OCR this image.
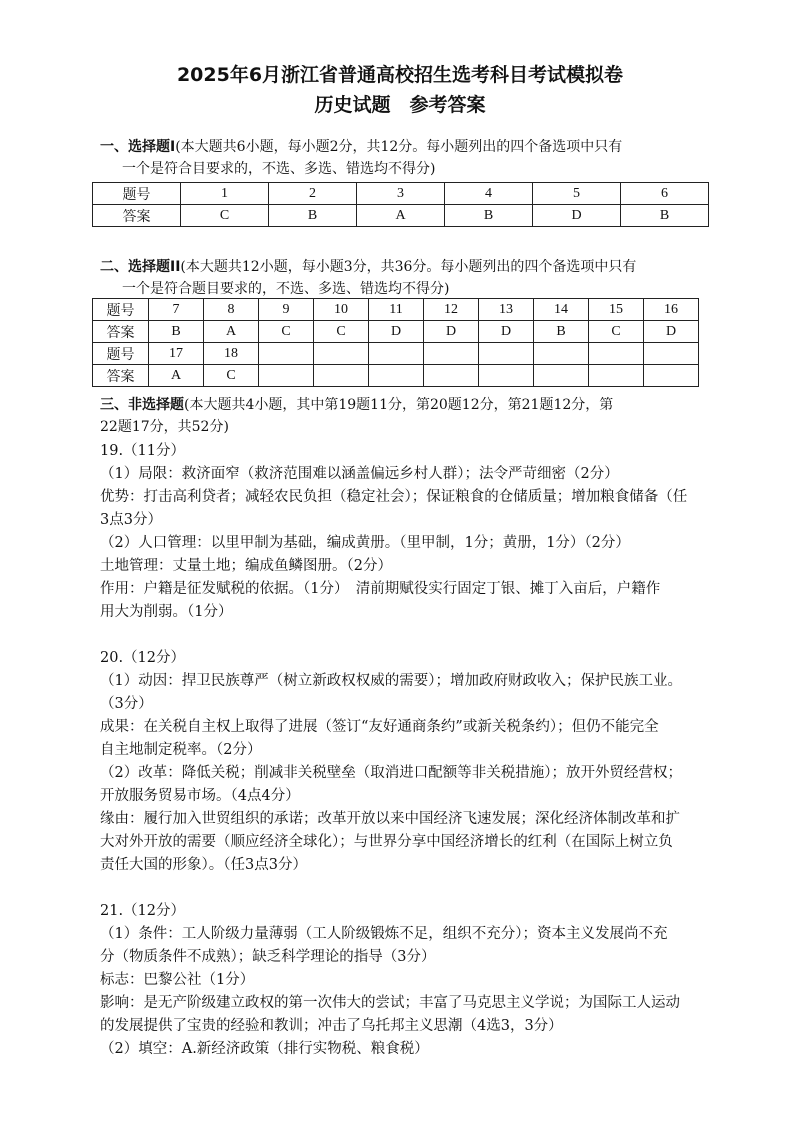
2025年6月浙江省普通高校招生选考科目考试模拟卷
历史试题　参考答案
一、选择题Ⅰ(本大题共6小题，每小题2分，共12分。每小题列出的四个备选项中只有
一个是符合目要求的，不选、多选、错选均不得分)
题号	1	2	3	4	5	6
答案	C	B	A	B	D	B
二、选择题II(本大题共12小题，每小题3分，共36分。每小题列出的四个备选项中只有
一个是符合题目要求的，不选、多选、错选均不得分)
题号	7	8	9	10	11	12	13	14	15	16
答案	B	A	C	C	D	D	D	B	C	D
题号	17	18								
答案	A	C								
三、非选择题(本大题共4小题，其中第19题11分，第20题12分，第21题12分，第
22题17分，共52分)

19.（11分）

（1）局限：救济面窄（救济范围难以涵盖偏远乡村人群）；法令严苛细密（2分）

优势：打击高利贷者；减轻农民负担（稳定社会）；保证粮食的仓储质量；增加粮食储备（任

3点3分）

（2）人口管理：以里甲制为基础，编成黄册。（里甲制，1分；黄册，1分）（2分）

土地管理：丈量土地；编成鱼鳞图册。（2分）

作用：户籍是征发赋税的依据。（1分）　清前期赋役实行固定丁银、摊丁入亩后，户籍作

用大为削弱。（1分）

20.（12分）

（1）动因：捍卫民族尊严（树立新政权权威的需要）；增加政府财政收入；保护民族工业。

（3分）

成果：在关税自主权上取得了进展（签订“友好通商条约”或新关税条约）；但仍不能完全

自主地制定税率。（2分）

（2）改革：降低关税；削减非关税壁垒（取消进口配额等非关税措施）；放开外贸经营权；

开放服务贸易市场。（4点4分）

缘由：履行加入世贸组织的承诺；改革开放以来中国经济飞速发展；深化经济体制改革和扩

大对外开放的需要（顺应经济全球化）；与世界分享中国经济增长的红利（在国际上树立负

责任大国的形象）。（任3点3分）

21.（12分）

（1）条件：工人阶级力量薄弱（工人阶级锻炼不足，组织不充分）；资本主义发展尚不充

分（物质条件不成熟）；缺乏科学理论的指导（3分）

标志：巴黎公社（1分）

影响：是无产阶级建立政权的第一次伟大的尝试；丰富了马克思主义学说；为国际工人运动

的发展提供了宝贵的经验和教训；冲击了乌托邦主义思潮（4选3，3分）

（2）填空：A.新经济政策（排行实物税、粮食税）
